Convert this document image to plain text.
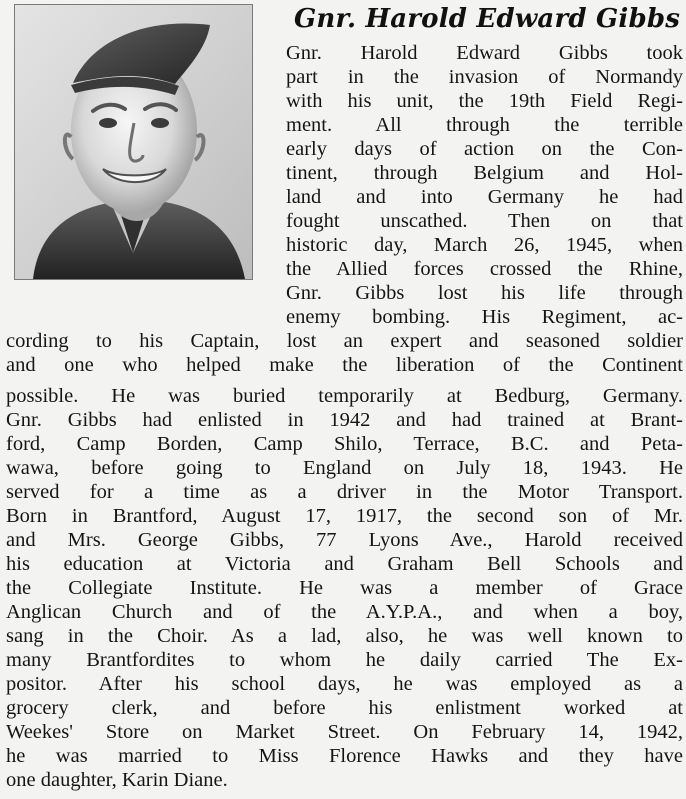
Gnr. Harold Edward Gibbs
Gnr. Harold Edward Gibbs took
part in the invasion of Normandy
with his unit, the 19th Field Regi-
ment. All through the terrible
early days of action on the Con-
tinent, through Belgium and Hol-
land and into Germany he had
fought unscathed. Then on that
historic day, March 26, 1945, when
the Allied forces crossed the Rhine,
Gnr. Gibbs lost his life through
enemy bombing. His Regiment, ac-
cording to his Captain, lost an expert and seasoned soldier
and one who helped make the liberation of the Continent
possible. He was buried temporarily at Bedburg, Germany.
Gnr. Gibbs had enlisted in 1942 and had trained at Brant-
ford, Camp Borden, Camp Shilo, Terrace, B.C. and Peta-
wawa, before going to England on July 18, 1943. He
served for a time as a driver in the Motor Transport.
Born in Brantford, August 17, 1917, the second son of Mr.
and Mrs. George Gibbs, 77 Lyons Ave., Harold received
his education at Victoria and Graham Bell Schools and
the Collegiate Institute. He was a member of Grace
Anglican Church and of the A.Y.P.A., and when a boy,
sang in the Choir. As a lad, also, he was well known to
many Brantfordites to whom he daily carried The Ex-
positor. After his school days, he was employed as a
grocery clerk, and before his enlistment worked at
Weekes' Store on Market Street. On February 14, 1942,
he was married to Miss Florence Hawks and they have
one daughter, Karin Diane.
